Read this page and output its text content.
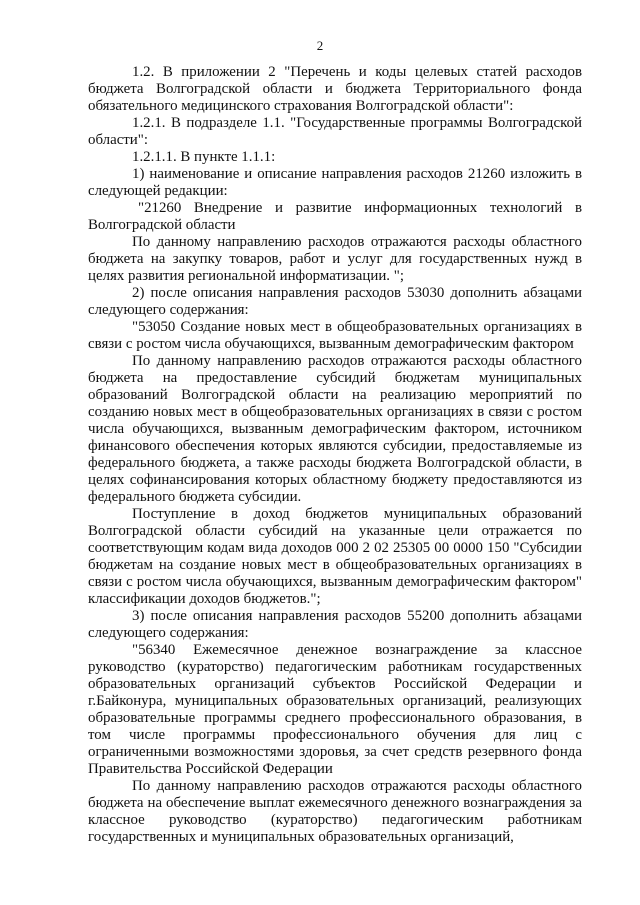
2

1.2. В приложении 2 "Перечень и коды целевых статей расходов бюджета Волгоградской области и бюджета Территориального фонда обязательного медицинского страхования Волгоградской области":

1.2.1. В подразделе 1.1. "Государственные программы Волгоградской области":

1.2.1.1. В пункте 1.1.1:

1) наименование и описание направления расходов 21260 изложить в следующей редакции:

"21260 Внедрение и развитие информационных технологий в Волгоградской области

По данному направлению расходов отражаются расходы областного бюджета на закупку товаров, работ и услуг для государственных нужд в целях развития региональной информатизации. ";

2) после описания направления расходов 53030 дополнить абзацами следующего содержания:

"53050 Создание новых мест в общеобразовательных организациях в связи с ростом числа обучающихся, вызванным демографическим фактором

По данному направлению расходов отражаются расходы областного бюджета на предоставление субсидий бюджетам муниципальных образований Волгоградской области на реализацию мероприятий по созданию новых мест в общеобразовательных организациях в связи с ростом числа обучающихся, вызванным демографическим фактором, источником финансового обеспечения которых являются субсидии, предоставляемые из федерального бюджета, а также расходы бюджета Волгоградской области, в целях софинансирования которых областному бюджету предоставляются из федерального бюджета субсидии.

Поступление в доход бюджетов муниципальных образований Волгоградской области субсидий на указанные цели отражается по соответствующим кодам вида доходов 000 2 02 25305 00 0000 150 "Субсидии бюджетам на создание новых мест в общеобразовательных организациях в связи с ростом числа обучающихся, вызванным демографическим фактором" классификации доходов бюджетов.";

3) после описания направления расходов 55200 дополнить абзацами следующего содержания:

"56340 Ежемесячное денежное вознаграждение за классное руководство (кураторство) педагогическим работникам государственных образовательных организаций субъектов Российской Федерации и г.Байконура, муниципальных образовательных организаций, реализующих образовательные программы среднего профессионального образования, в том числе программы профессионального обучения для лиц с ограниченными возможностями здоровья, за счет средств резервного фонда Правительства Российской Федерации

По данному направлению расходов отражаются расходы областного бюджета на обеспечение выплат ежемесячного денежного вознаграждения за классное руководство (кураторство) педагогическим работникам государственных и муниципальных образовательных организаций,
